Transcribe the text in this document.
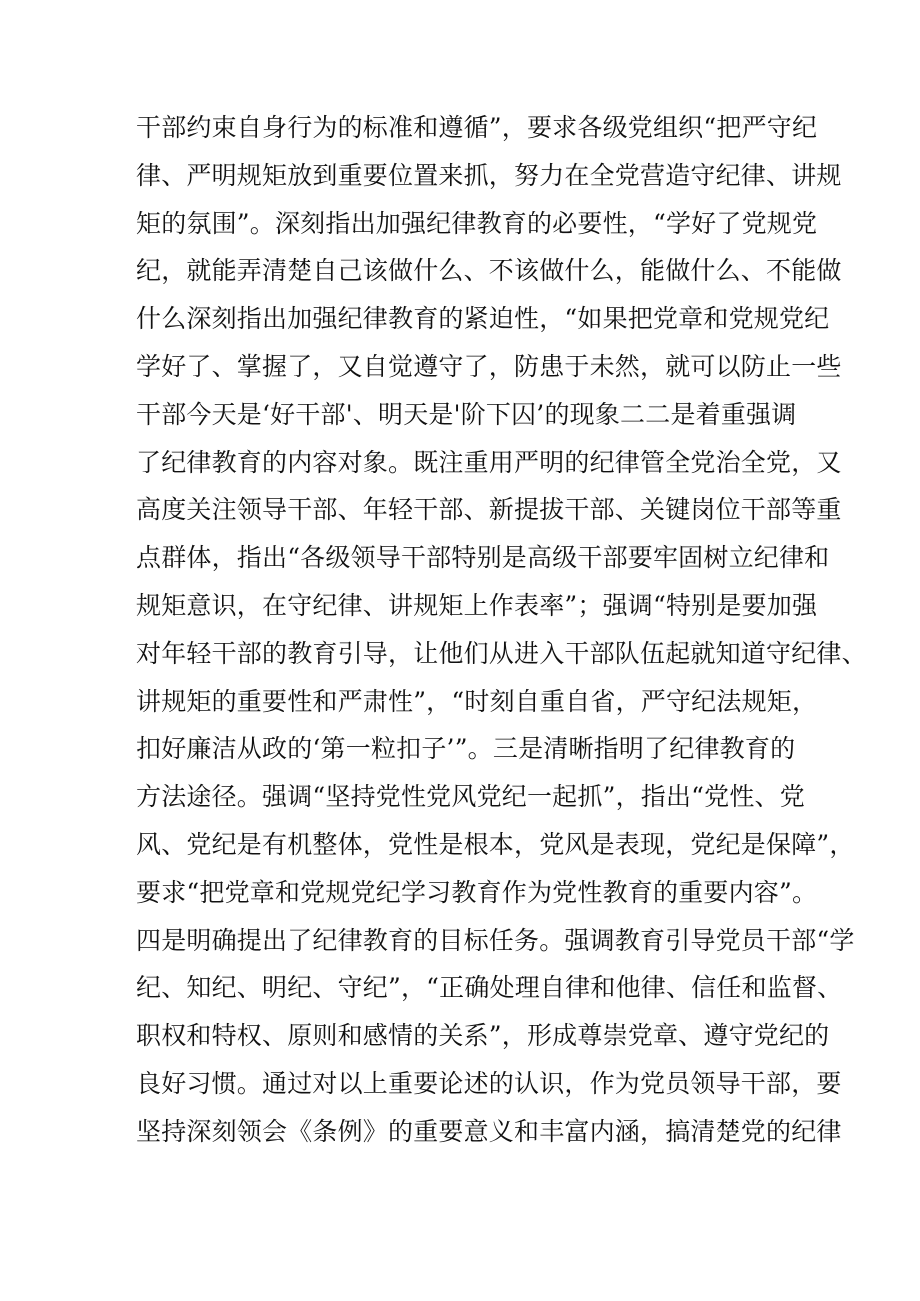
干部约束自身行为的标准和遵循”，要求各级党组织“把严守纪
律、严明规矩放到重要位置来抓，努力在全党营造守纪律、讲规
矩的氛围”。深刻指出加强纪律教育的必要性，“学好了党规党
纪，就能弄清楚自己该做什么、不该做什么，能做什么、不能做
什么深刻指出加强纪律教育的紧迫性，“如果把党章和党规党纪
学好了、掌握了，又自觉遵守了，防患于未然，就可以防止一些
干部今天是‘好干部'、明天是'阶下囚’的现象二二是着重强调
了纪律教育的内容对象。既注重用严明的纪律管全党治全党，又
高度关注领导干部、年轻干部、新提拔干部、关键岗位干部等重
点群体，指出“各级领导干部特别是高级干部要牢固树立纪律和
规矩意识，在守纪律、讲规矩上作表率”；强调“特别是要加强
对年轻干部的教育引导，让他们从进入干部队伍起就知道守纪律、
讲规矩的重要性和严肃性”，“时刻自重自省，严守纪法规矩，
扣好廉洁从政的‘第一粒扣子’”。三是清晰指明了纪律教育的
方法途径。强调“坚持党性党风党纪一起抓”，指出“党性、党
风、党纪是有机整体，党性是根本，党风是表现，党纪是保障”，
要求“把党章和党规党纪学习教育作为党性教育的重要内容”。
四是明确提出了纪律教育的目标任务。强调教育引导党员干部“学
纪、知纪、明纪、守纪”，“正确处理自律和他律、信任和监督、
职权和特权、原则和感情的关系”，形成尊崇党章、遵守党纪的
良好习惯。通过对以上重要论述的认识，作为党员领导干部，要
坚持深刻领会《条例》的重要意义和丰富内涵，搞清楚党的纪律
